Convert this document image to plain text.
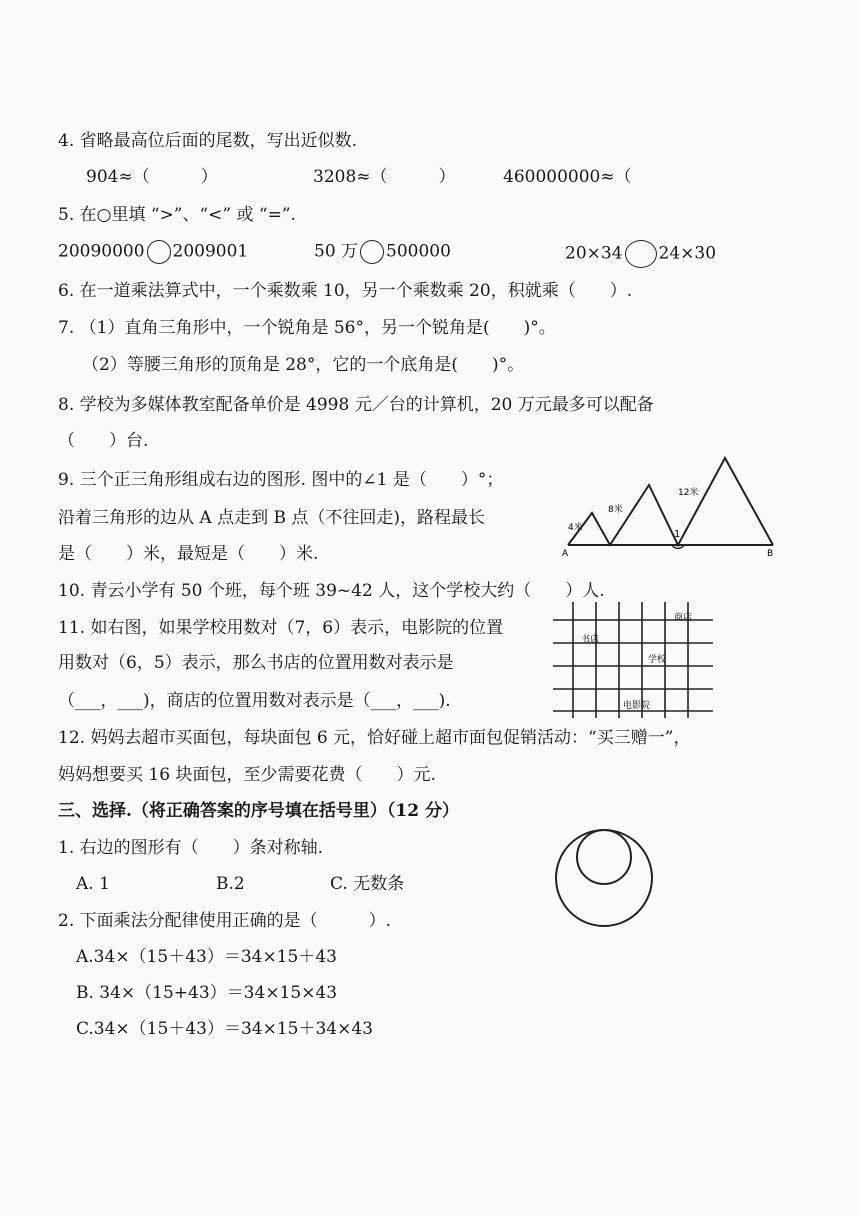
4. 省略最高位后面的尾数，写出近似数.
904≈（　　　）	3208≈（　　　）	460000000≈（
5. 在○里填 “>”、“<” 或 “=”.
20090000 2009001	50 万 500000	20×34 24×30
6. 在一道乘法算式中，一个乘数乘 10，另一个乘数乘 20，积就乘（　　）.
7. （1）直角三角形中，一个锐角是 56°，另一个锐角是(　　)°。
（2）等腰三角形的顶角是 28°，它的一个底角是(　　)°。
8. 学校为多媒体教室配备单价是 4998 元／台的计算机，20 万元最多可以配备
（　　）台.
9. 三个正三角形组成右边的图形. 图中的∠1 是（　　）°；
沿着三角形的边从 A 点走到 B 点（不往回走)，路程最长
是（　　）米，最短是（　　）米.
1
4米
8米
12米
A	B
10. 青云小学有 50 个班，每个班 39~42 人，这个学校大约（　　）人.
11. 如右图，如果学校用数对（7，6）表示，电影院的位置
用数对（6，5）表示，那么书店的位置用数对表示是
（___，___)，商店的位置用数对表示是（___，___).
商店
书店
学校
电影院
12. 妈妈去超市买面包，每块面包 6 元，恰好碰上超市面包促销活动：“买三赠一”，
妈妈想要买 16 块面包，至少需要花费（　　）元.
三、选择.（将正确答案的序号填在括号里）（12 分）
1. 右边的图形有（　　）条对称轴.
A. 1	B.2	C. 无数条
2. 下面乘法分配律使用正确的是（　　　）.
A.34×（15＋43）＝34×15＋43
B. 34×（15+43）＝34×15×43
C.34×（15＋43）＝34×15＋34×43
